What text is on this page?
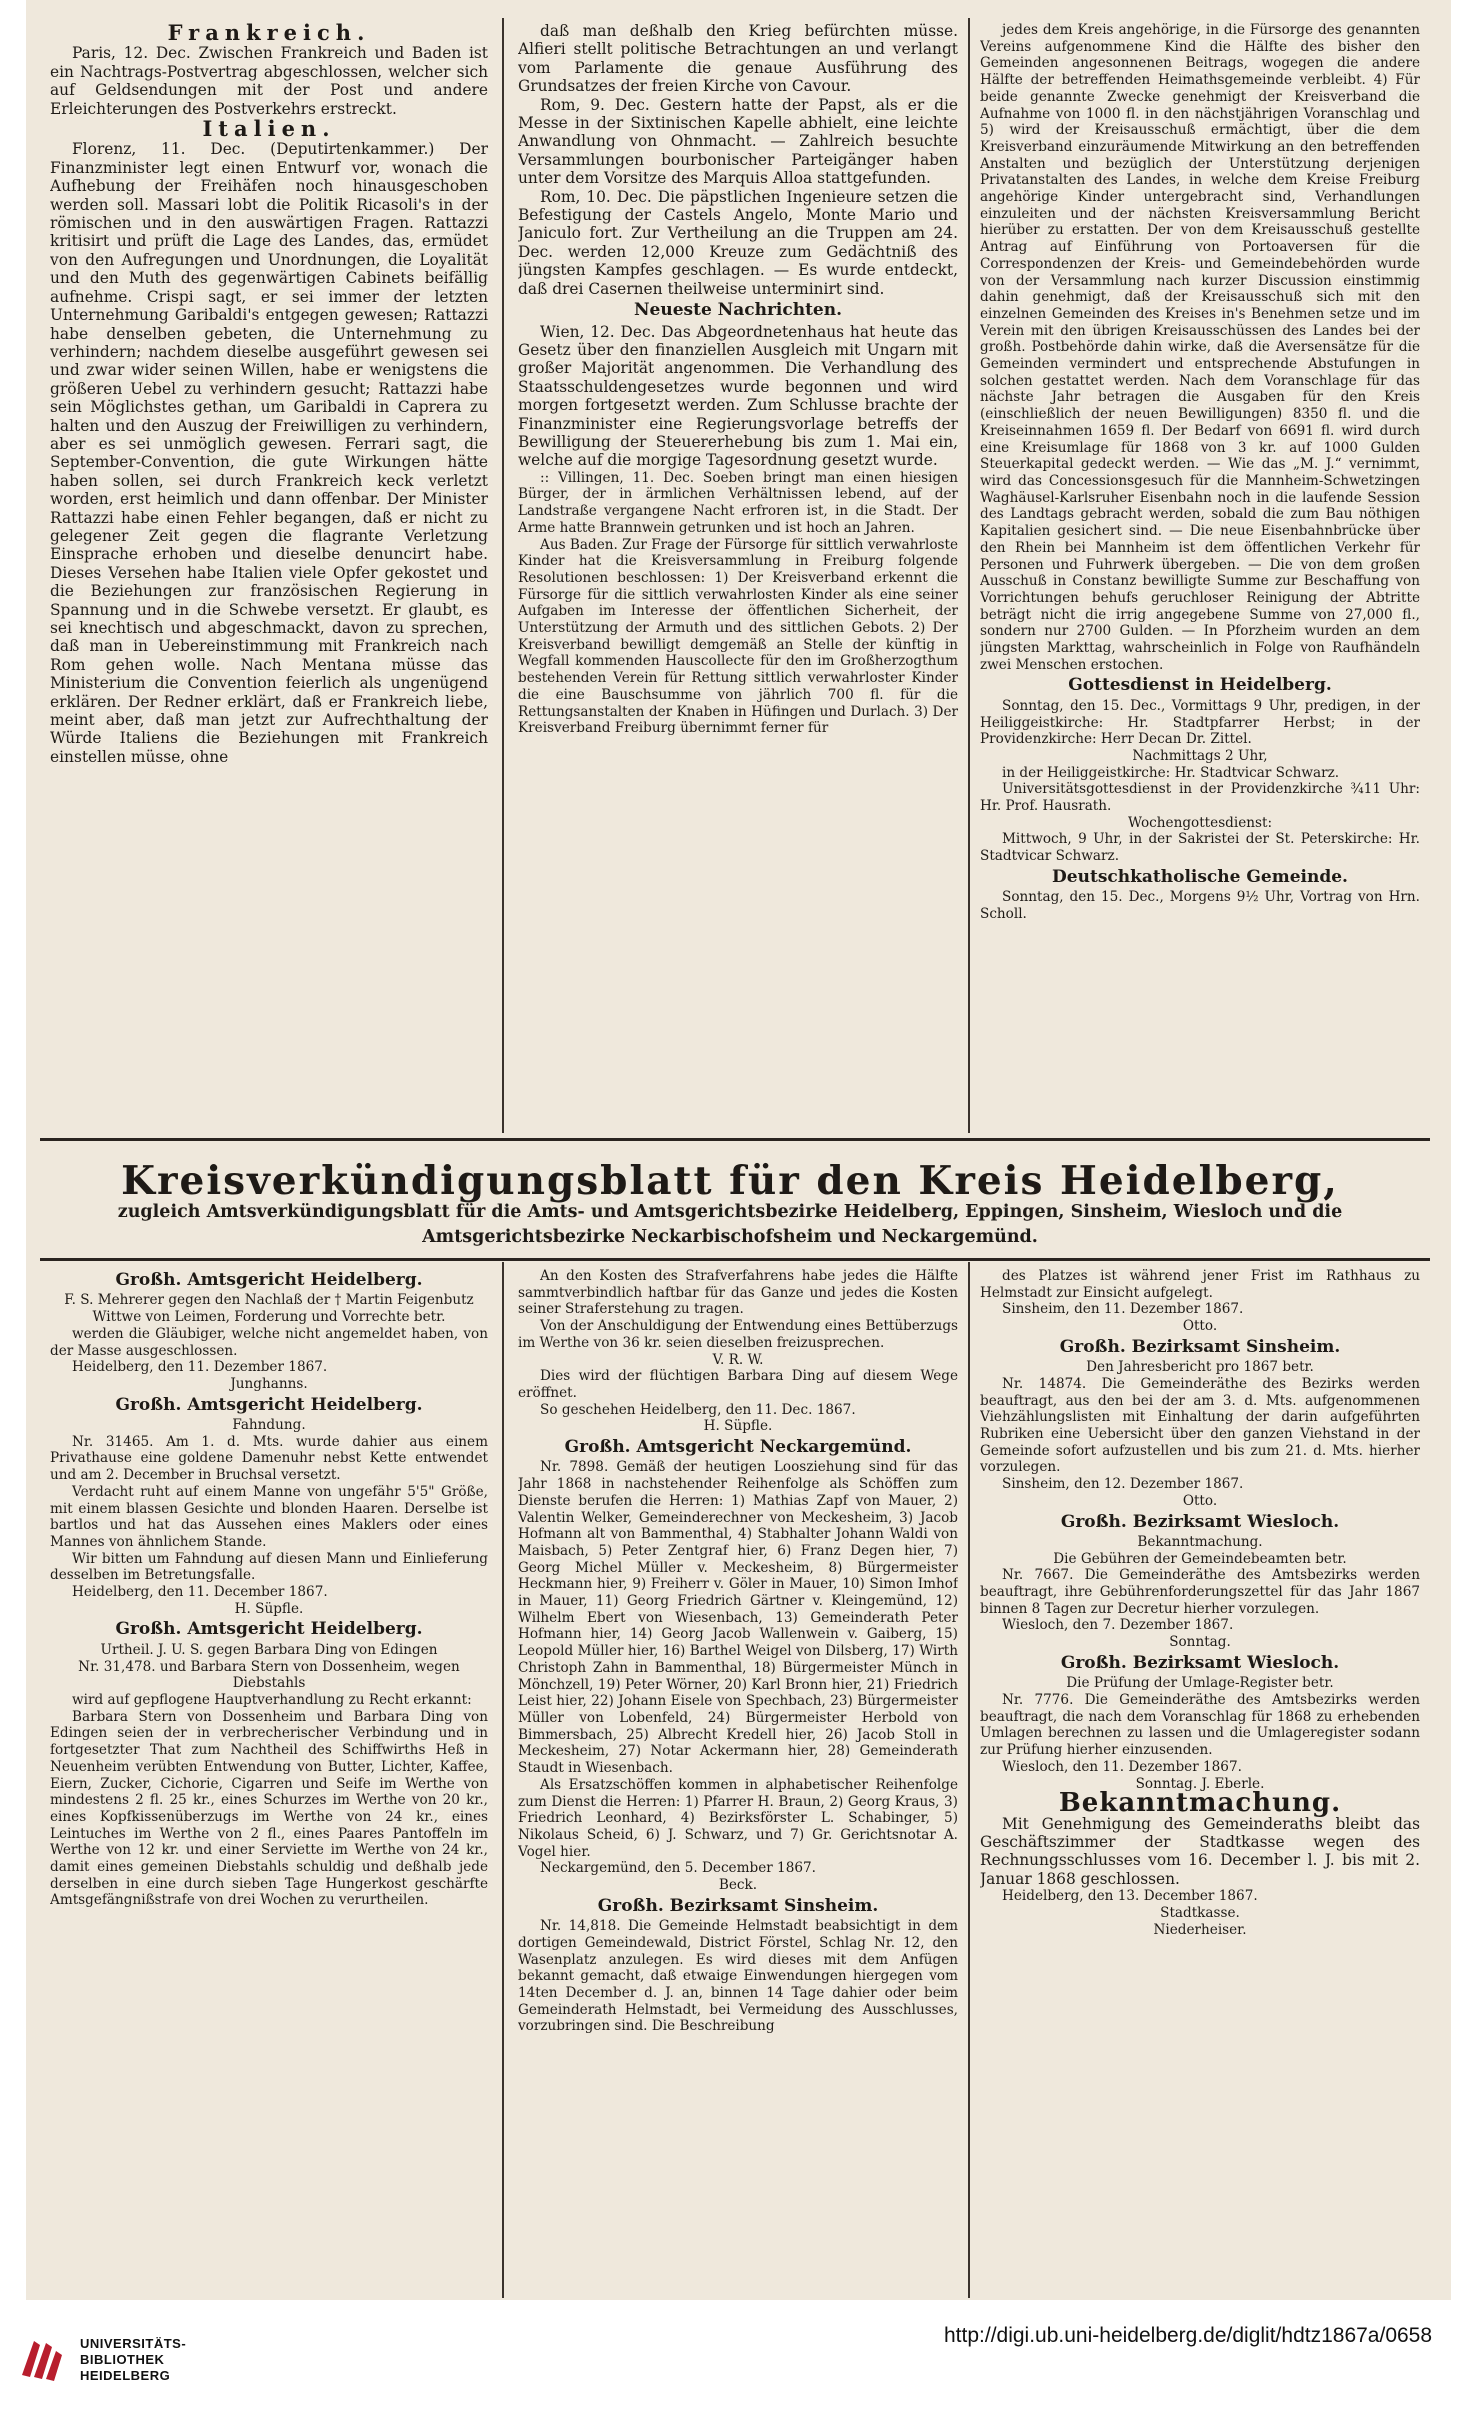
Frankreich.

Paris, 12. Dec. Zwischen Frankreich und Baden ist ein Nachtrags-Postvertrag abgeschlossen, welcher sich auf Geldsendungen mit der Post und andere Erleichterungen des Postverkehrs erstreckt.

Italien.

Florenz, 11. Dec. (Deputirtenkammer.) Der Finanzminister legt einen Entwurf vor, wonach die Aufhebung der Freihäfen noch hinausgeschoben werden soll. Massari lobt die Politik Ricasoli's in der römischen und in den auswärtigen Fragen. Rattazzi kritisirt und prüft die Lage des Landes, das, ermüdet von den Aufregungen und Unordnungen, die Loyalität und den Muth des gegenwärtigen Cabinets beifällig aufnehme. Crispi sagt, er sei immer der letzten Unternehmung Garibaldi's entgegen gewesen; Rattazzi habe denselben gebeten, die Unternehmung zu verhindern; nachdem dieselbe ausgeführt gewesen sei und zwar wider seinen Willen, habe er wenigstens die größeren Uebel zu verhindern gesucht; Rattazzi habe sein Möglichstes gethan, um Garibaldi in Caprera zu halten und den Auszug der Freiwilligen zu verhindern, aber es sei unmöglich gewesen. Ferrari sagt, die September-Convention, die gute Wirkungen hätte haben sollen, sei durch Frankreich keck verletzt worden, erst heimlich und dann offenbar. Der Minister Rattazzi habe einen Fehler begangen, daß er nicht zu gelegener Zeit gegen die flagrante Verletzung Einsprache erhoben und dieselbe denuncirt habe. Dieses Versehen habe Italien viele Opfer gekostet und die Beziehungen zur französischen Regierung in Spannung und in die Schwebe versetzt. Er glaubt, es sei knechtisch und abgeschmackt, davon zu sprechen, daß man in Uebereinstimmung mit Frankreich nach Rom gehen wolle. Nach Mentana müsse das Ministerium die Convention feierlich als ungenügend erklären. Der Redner erklärt, daß er Frankreich liebe, meint aber, daß man jetzt zur Aufrechthaltung der Würde Italiens die Beziehungen mit Frankreich einstellen müsse, ohne

daß man deßhalb den Krieg befürchten müsse. Alfieri stellt politische Betrachtungen an und verlangt vom Parlamente die genaue Ausführung des Grundsatzes der freien Kirche von Cavour.

Rom, 9. Dec. Gestern hatte der Papst, als er die Messe in der Sixtinischen Kapelle abhielt, eine leichte Anwandlung von Ohnmacht. — Zahlreich besuchte Versammlungen bourbonischer Parteigänger haben unter dem Vorsitze des Marquis Alloa stattgefunden.

Rom, 10. Dec. Die päpstlichen Ingenieure setzen die Befestigung der Castels Angelo, Monte Mario und Janiculo fort. Zur Vertheilung an die Truppen am 24. Dec. werden 12,000 Kreuze zum Gedächtniß des jüngsten Kampfes geschlagen. — Es wurde entdeckt, daß drei Casernen theilweise unterminirt sind.

Neueste Nachrichten.

Wien, 12. Dec. Das Abgeordnetenhaus hat heute das Gesetz über den finanziellen Ausgleich mit Ungarn mit großer Majorität angenommen. Die Verhandlung des Staatsschuldengesetzes wurde begonnen und wird morgen fortgesetzt werden. Zum Schlusse brachte der Finanzminister eine Regierungsvorlage betreffs der Bewilligung der Steuererhebung bis zum 1. Mai ein, welche auf die morgige Tagesordnung gesetzt wurde.

:: Villingen, 11. Dec. Soeben bringt man einen hiesigen Bürger, der in ärmlichen Verhältnissen lebend, auf der Landstraße vergangene Nacht erfroren ist, in die Stadt. Der Arme hatte Brannwein getrunken und ist hoch an Jahren.

Aus Baden. Zur Frage der Fürsorge für sittlich verwahrloste Kinder hat die Kreisversammlung in Freiburg folgende Resolutionen beschlossen: 1) Der Kreisverband erkennt die Fürsorge für die sittlich verwahrlosten Kinder als eine seiner Aufgaben im Interesse der öffentlichen Sicherheit, der Unterstützung der Armuth und des sittlichen Gebots. 2) Der Kreisverband bewilligt demgemäß an Stelle der künftig in Wegfall kommenden Hauscollecte für den im Großherzogthum bestehenden Verein für Rettung sittlich verwahrloster Kinder die eine Bauschsumme von jährlich 700 fl. für die Rettungsanstalten der Knaben in Hüfingen und Durlach. 3) Der Kreisverband Freiburg übernimmt ferner für

jedes dem Kreis angehörige, in die Fürsorge des genannten Vereins aufgenommene Kind die Hälfte des bisher den Gemeinden angesonnenen Beitrags, wogegen die andere Hälfte der betreffenden Heimathsgemeinde verbleibt. 4) Für beide genannte Zwecke genehmigt der Kreisverband die Aufnahme von 1000 fl. in den nächstjährigen Voranschlag und 5) wird der Kreisausschuß ermächtigt, über die dem Kreisverband einzuräumende Mitwirkung an den betreffenden Anstalten und bezüglich der Unterstützung derjenigen Privatanstalten des Landes, in welche dem Kreise Freiburg angehörige Kinder untergebracht sind, Verhandlungen einzuleiten und der nächsten Kreisversammlung Bericht hierüber zu erstatten. Der von dem Kreisausschuß gestellte Antrag auf Einführung von Portoaversen für die Correspondenzen der Kreis- und Gemeindebehörden wurde von der Versammlung nach kurzer Discussion einstimmig dahin genehmigt, daß der Kreisausschuß sich mit den einzelnen Gemeinden des Kreises in's Benehmen setze und im Verein mit den übrigen Kreisausschüssen des Landes bei der großh. Postbehörde dahin wirke, daß die Aversensätze für die Gemeinden vermindert und entsprechende Abstufungen in solchen gestattet werden. Nach dem Voranschlage für das nächste Jahr betragen die Ausgaben für den Kreis (einschließlich der neuen Bewilligungen) 8350 fl. und die Kreiseinnahmen 1659 fl. Der Bedarf von 6691 fl. wird durch eine Kreisumlage für 1868 von 3 kr. auf 1000 Gulden Steuerkapital gedeckt werden. — Wie das „M. J.“ vernimmt, wird das Concessionsgesuch für die Mannheim-Schwetzingen Waghäusel-Karlsruher Eisenbahn noch in die laufende Session des Landtags gebracht werden, sobald die zum Bau nöthigen Kapitalien gesichert sind. — Die neue Eisenbahnbrücke über den Rhein bei Mannheim ist dem öffentlichen Verkehr für Personen und Fuhrwerk übergeben. — Die von dem großen Ausschuß in Constanz bewilligte Summe zur Beschaffung von Vorrichtungen behufs geruchloser Reinigung der Abtritte beträgt nicht die irrig angegebene Summe von 27,000 fl., sondern nur 2700 Gulden. — In Pforzheim wurden an dem jüngsten Markttag, wahrscheinlich in Folge von Raufhändeln zwei Menschen erstochen.

Gottesdienst in Heidelberg.

Sonntag, den 15. Dec., Vormittags 9 Uhr, predigen, in der Heiliggeistkirche: Hr. Stadtpfarrer Herbst; in der Providenzkirche: Herr Decan Dr. Zittel.

Nachmittags 2 Uhr,

in der Heiliggeistkirche: Hr. Stadtvicar Schwarz.

Universitätsgottesdienst in der Providenzkirche ¾11 Uhr: Hr. Prof. Hausrath.

Wochengottesdienst:

Mittwoch, 9 Uhr, in der Sakristei der St. Peterskirche: Hr. Stadtvicar Schwarz.

Deutschkatholische Gemeinde.

Sonntag, den 15. Dec., Morgens 9½ Uhr, Vortrag von Hrn. Scholl.

Kreisverkündigungsblatt für den Kreis Heidelberg,
zugleich Amtsverkündigungsblatt für die Amts- und Amtsgerichtsbezirke Heidelberg, Eppingen, Sinsheim, Wiesloch und die Amtsgerichtsbezirke Neckarbischofsheim und Neckargemünd.
Großh. Amtsgericht Heidelberg.

F. S. Mehrerer gegen den Nachlaß der † Martin Feigenbutz Wittwe von Leimen, Forderung und Vorrechte betr.

werden die Gläubiger, welche nicht angemeldet haben, von der Masse ausgeschlossen.

Heidelberg, den 11. Dezember 1867.

Junghanns.

Großh. Amtsgericht Heidelberg.

Fahndung.

Nr. 31465. Am 1. d. Mts. wurde dahier aus einem Privathause eine goldene Damenuhr nebst Kette entwendet und am 2. December in Bruchsal versetzt.

Verdacht ruht auf einem Manne von ungefähr 5'5" Größe, mit einem blassen Gesichte und blonden Haaren. Derselbe ist bartlos und hat das Aussehen eines Maklers oder eines Mannes von ähnlichem Stande.

Wir bitten um Fahndung auf diesen Mann und Einlieferung desselben im Betretungsfalle.

Heidelberg, den 11. December 1867.

H. Süpfle.

Großh. Amtsgericht Heidelberg.

Urtheil. J. U. S. gegen Barbara Ding von Edingen

Nr. 31,478. und Barbara Stern von Dossenheim, wegen Diebstahls

wird auf gepflogene Hauptverhandlung zu Recht erkannt:

Barbara Stern von Dossenheim und Barbara Ding von Edingen seien der in verbrecherischer Verbindung und in fortgesetzter That zum Nachtheil des Schiffwirths Heß in Neuenheim verübten Entwendung von Butter, Lichter, Kaffee, Eiern, Zucker, Cichorie, Cigarren und Seife im Werthe von mindestens 2 fl. 25 kr., eines Schurzes im Werthe von 20 kr., eines Kopfkissenüberzugs im Werthe von 24 kr., eines Leintuches im Werthe von 2 fl., eines Paares Pantoffeln im Werthe von 12 kr. und einer Serviette im Werthe von 24 kr., damit eines gemeinen Diebstahls schuldig und deßhalb jede derselben in eine durch sieben Tage Hungerkost geschärfte Amtsgefängnißstrafe von drei Wochen zu verurtheilen.

An den Kosten des Strafverfahrens habe jedes die Hälfte sammtverbindlich haftbar für das Ganze und jedes die Kosten seiner Straferstehung zu tragen.

Von der Anschuldigung der Entwendung eines Bettüberzugs im Werthe von 36 kr. seien dieselben freizusprechen.

V. R. W.

Dies wird der flüchtigen Barbara Ding auf diesem Wege eröffnet.

So geschehen Heidelberg, den 11. Dec. 1867.

H. Süpfle.

Großh. Amtsgericht Neckargemünd.

Nr. 7898. Gemäß der heutigen Loosziehung sind für das Jahr 1868 in nachstehender Reihenfolge als Schöffen zum Dienste berufen die Herren: 1) Mathias Zapf von Mauer, 2) Valentin Welker, Gemeinderechner von Meckesheim, 3) Jacob Hofmann alt von Bammenthal, 4) Stabhalter Johann Waldi von Maisbach, 5) Peter Zentgraf hier, 6) Franz Degen hier, 7) Georg Michel Müller v. Meckesheim, 8) Bürgermeister Heckmann hier, 9) Freiherr v. Göler in Mauer, 10) Simon Imhof in Mauer, 11) Georg Friedrich Gärtner v. Kleingemünd, 12) Wilhelm Ebert von Wiesenbach, 13) Gemeinderath Peter Hofmann hier, 14) Georg Jacob Wallenwein v. Gaiberg, 15) Leopold Müller hier, 16) Barthel Weigel von Dilsberg, 17) Wirth Christoph Zahn in Bammenthal, 18) Bürgermeister Münch in Mönchzell, 19) Peter Wörner, 20) Karl Bronn hier, 21) Friedrich Leist hier, 22) Johann Eisele von Spechbach, 23) Bürgermeister Müller von Lobenfeld, 24) Bürgermeister Herbold von Bimmersbach, 25) Albrecht Kredell hier, 26) Jacob Stoll in Meckesheim, 27) Notar Ackermann hier, 28) Gemeinderath Staudt in Wiesenbach.

Als Ersatzschöffen kommen in alphabetischer Reihenfolge zum Dienst die Herren: 1) Pfarrer H. Braun, 2) Georg Kraus, 3) Friedrich Leonhard, 4) Bezirksförster L. Schabinger, 5) Nikolaus Scheid, 6) J. Schwarz, und 7) Gr. Gerichtsnotar A. Vogel hier.

Neckargemünd, den 5. December 1867.

Beck.

Großh. Bezirksamt Sinsheim.

Nr. 14,818. Die Gemeinde Helmstadt beabsichtigt in dem dortigen Gemeindewald, District Förstel, Schlag Nr. 12, den Wasenplatz anzulegen. Es wird dieses mit dem Anfügen bekannt gemacht, daß etwaige Einwendungen hiergegen vom 14ten December d. J. an, binnen 14 Tage dahier oder beim Gemeinderath Helmstadt, bei Vermeidung des Ausschlusses, vorzubringen sind. Die Beschreibung

des Platzes ist während jener Frist im Rathhaus zu Helmstadt zur Einsicht aufgelegt.

Sinsheim, den 11. Dezember 1867.

Otto.

Großh. Bezirksamt Sinsheim.

Den Jahresbericht pro 1867 betr.

Nr. 14874. Die Gemeinderäthe des Bezirks werden beauftragt, aus den bei der am 3. d. Mts. aufgenommenen Viehzählungslisten mit Einhaltung der darin aufgeführten Rubriken eine Uebersicht über den ganzen Viehstand in der Gemeinde sofort aufzustellen und bis zum 21. d. Mts. hierher vorzulegen.

Sinsheim, den 12. Dezember 1867.

Otto.

Großh. Bezirksamt Wiesloch.

Bekanntmachung.

Die Gebühren der Gemeindebeamten betr.

Nr. 7667. Die Gemeinderäthe des Amtsbezirks werden beauftragt, ihre Gebührenforderungszettel für das Jahr 1867 binnen 8 Tagen zur Decretur hierher vorzulegen.

Wiesloch, den 7. Dezember 1867.

Sonntag.

Großh. Bezirksamt Wiesloch.

Die Prüfung der Umlage-Register betr.

Nr. 7776. Die Gemeinderäthe des Amtsbezirks werden beauftragt, die nach dem Voranschlag für 1868 zu erhebenden Umlagen berechnen zu lassen und die Umlageregister sodann zur Prüfung hierher einzusenden.

Wiesloch, den 11. Dezember 1867.

Sonntag. J. Eberle.

Bekanntmachung.

Mit Genehmigung des Gemeinderaths bleibt das Geschäftszimmer der Stadtkasse wegen des Rechnungsschlusses vom 16. December l. J. bis mit 2. Januar 1868 geschlossen.

Heidelberg, den 13. December 1867.

Stadtkasse.

Niederheiser.

UNIVERSITÄTS-
BIBLIOTHEK
HEIDELBERG
http://digi.ub.uni-heidelberg.de/diglit/hdtz1867a/0658
